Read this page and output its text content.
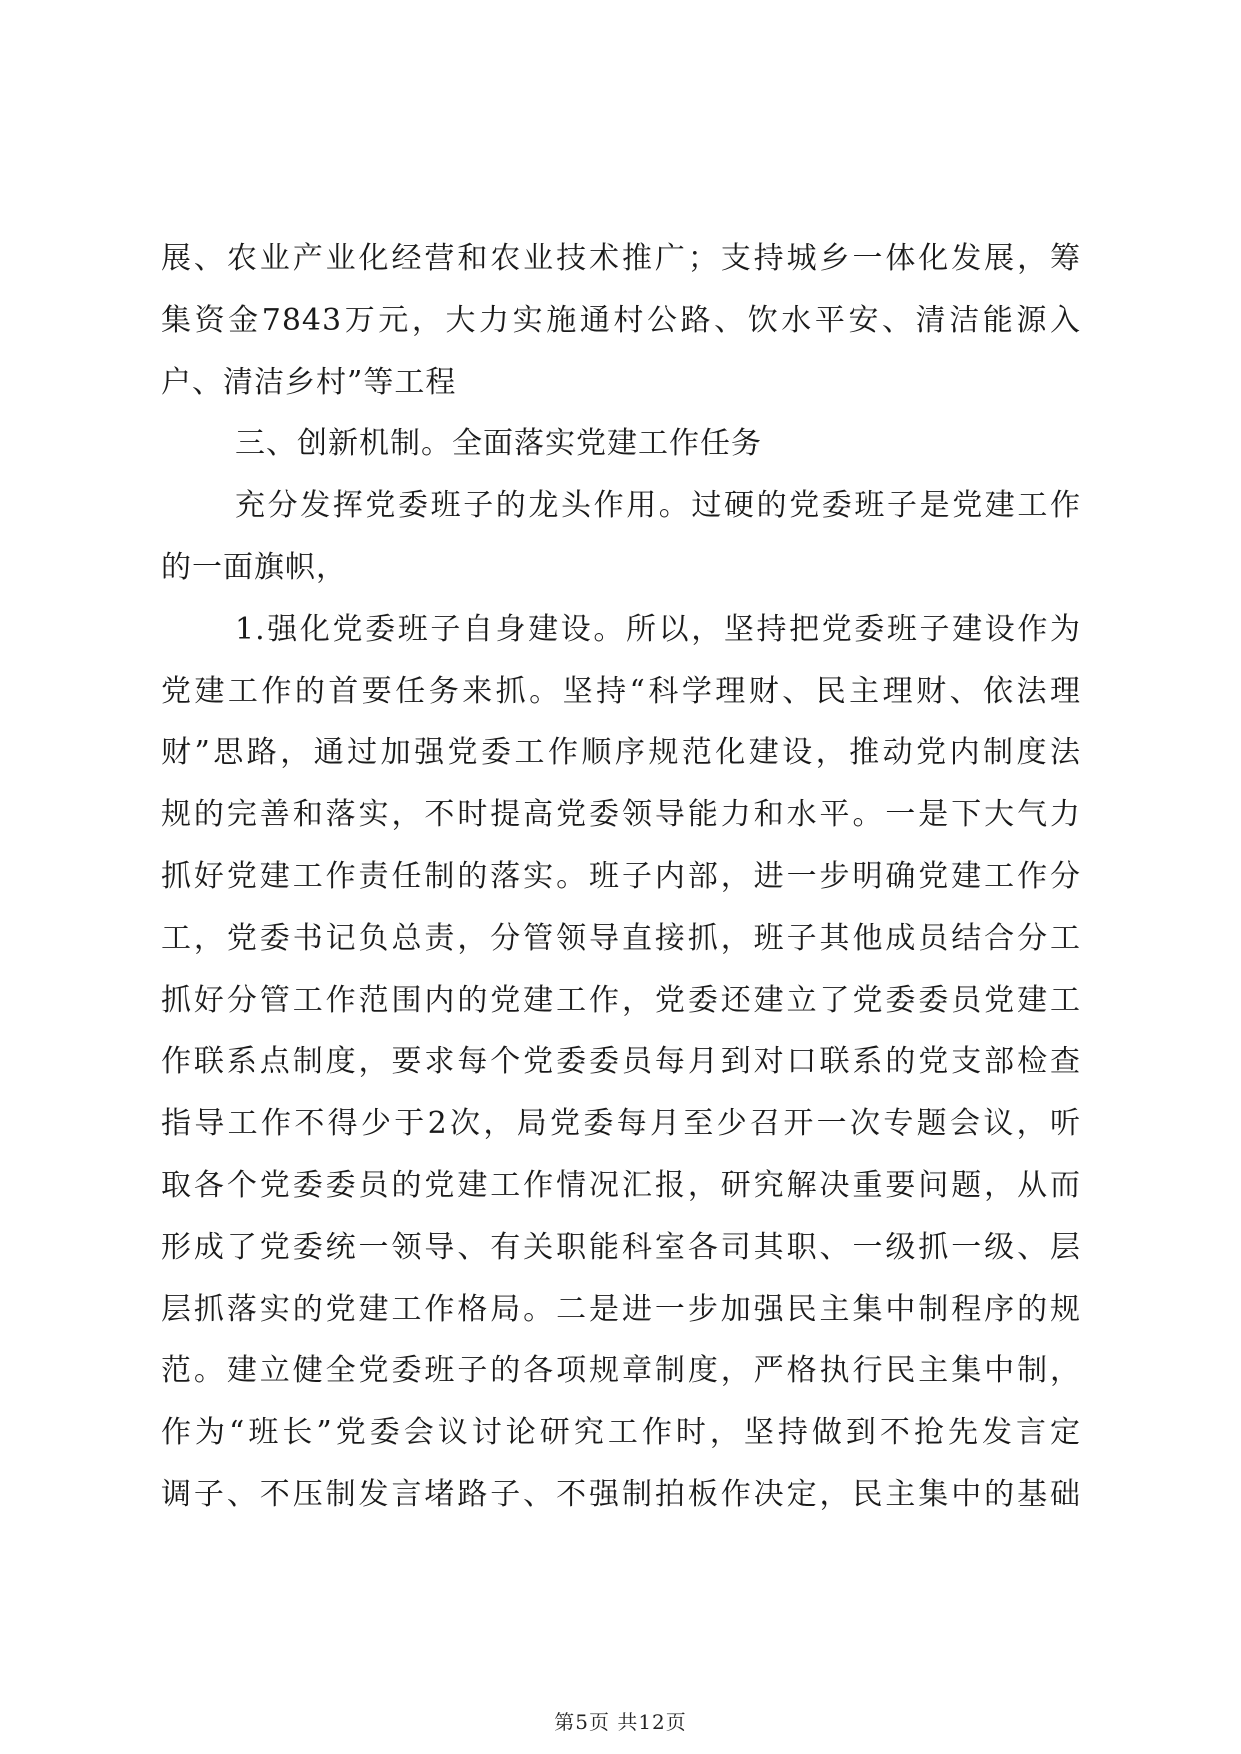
展、农业产业化经营和农业技术推广；支持城乡一体化发展，筹
集资金7843万元，大力实施通村公路、饮水平安、清洁能源入
户、清洁乡村”等工程
三、创新机制。全面落实党建工作任务
充分发挥党委班子的龙头作用。过硬的党委班子是党建工作
的一面旗帜，
1.强化党委班子自身建设。所以，坚持把党委班子建设作为
党建工作的首要任务来抓。坚持“科学理财、民主理财、依法理
财”思路，通过加强党委工作顺序规范化建设，推动党内制度法
规的完善和落实，不时提高党委领导能力和水平。一是下大气力
抓好党建工作责任制的落实。班子内部，进一步明确党建工作分
工，党委书记负总责，分管领导直接抓，班子其他成员结合分工
抓好分管工作范围内的党建工作，党委还建立了党委委员党建工
作联系点制度，要求每个党委委员每月到对口联系的党支部检查
指导工作不得少于2次，局党委每月至少召开一次专题会议，听
取各个党委委员的党建工作情况汇报，研究解决重要问题，从而
形成了党委统一领导、有关职能科室各司其职、一级抓一级、层
层抓落实的党建工作格局。二是进一步加强民主集中制程序的规
范。建立健全党委班子的各项规章制度，严格执行民主集中制，
作为“班长”党委会议讨论研究工作时，坚持做到不抢先发言定
调子、不压制发言堵路子、不强制拍板作决定，民主集中的基础
第5页 共12页
